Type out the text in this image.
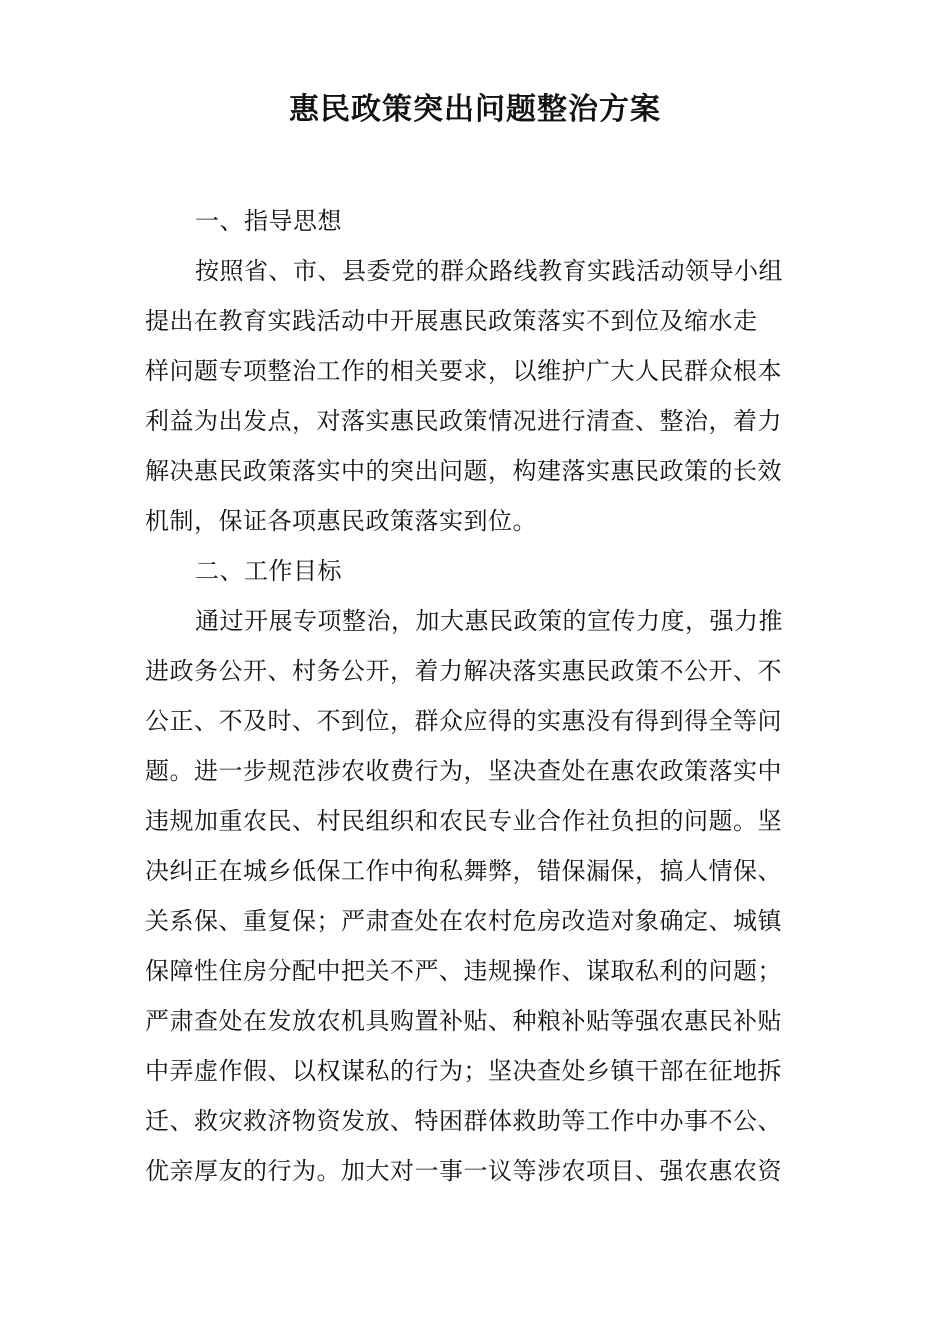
惠民政策突出问题整治方案
一、指导思想
按照省、市、县委党的群众路线教育实践活动领导小组
提出在教育实践活动中开展惠民政策落实不到位及缩水走
样问题专项整治工作的相关要求，以维护广大人民群众根本
利益为出发点，对落实惠民政策情况进行清查、整治，着力
解决惠民政策落实中的突出问题，构建落实惠民政策的长效
机制，保证各项惠民政策落实到位。
二、工作目标
通过开展专项整治，加大惠民政策的宣传力度，强力推
进政务公开、村务公开，着力解决落实惠民政策不公开、不
公正、不及时、不到位，群众应得的实惠没有得到得全等问
题。进一步规范涉农收费行为，坚决查处在惠农政策落实中
违规加重农民、村民组织和农民专业合作社负担的问题。坚
决纠正在城乡低保工作中徇私舞弊，错保漏保，搞人情保、
关系保、重复保；严肃查处在农村危房改造对象确定、城镇
保障性住房分配中把关不严、违规操作、谋取私利的问题；
严肃查处在发放农机具购置补贴、种粮补贴等强农惠民补贴
中弄虚作假、以权谋私的行为；坚决查处乡镇干部在征地拆
迁、救灾救济物资发放、特困群体救助等工作中办事不公、
优亲厚友的行为。加大对一事一议等涉农项目、强农惠农资
